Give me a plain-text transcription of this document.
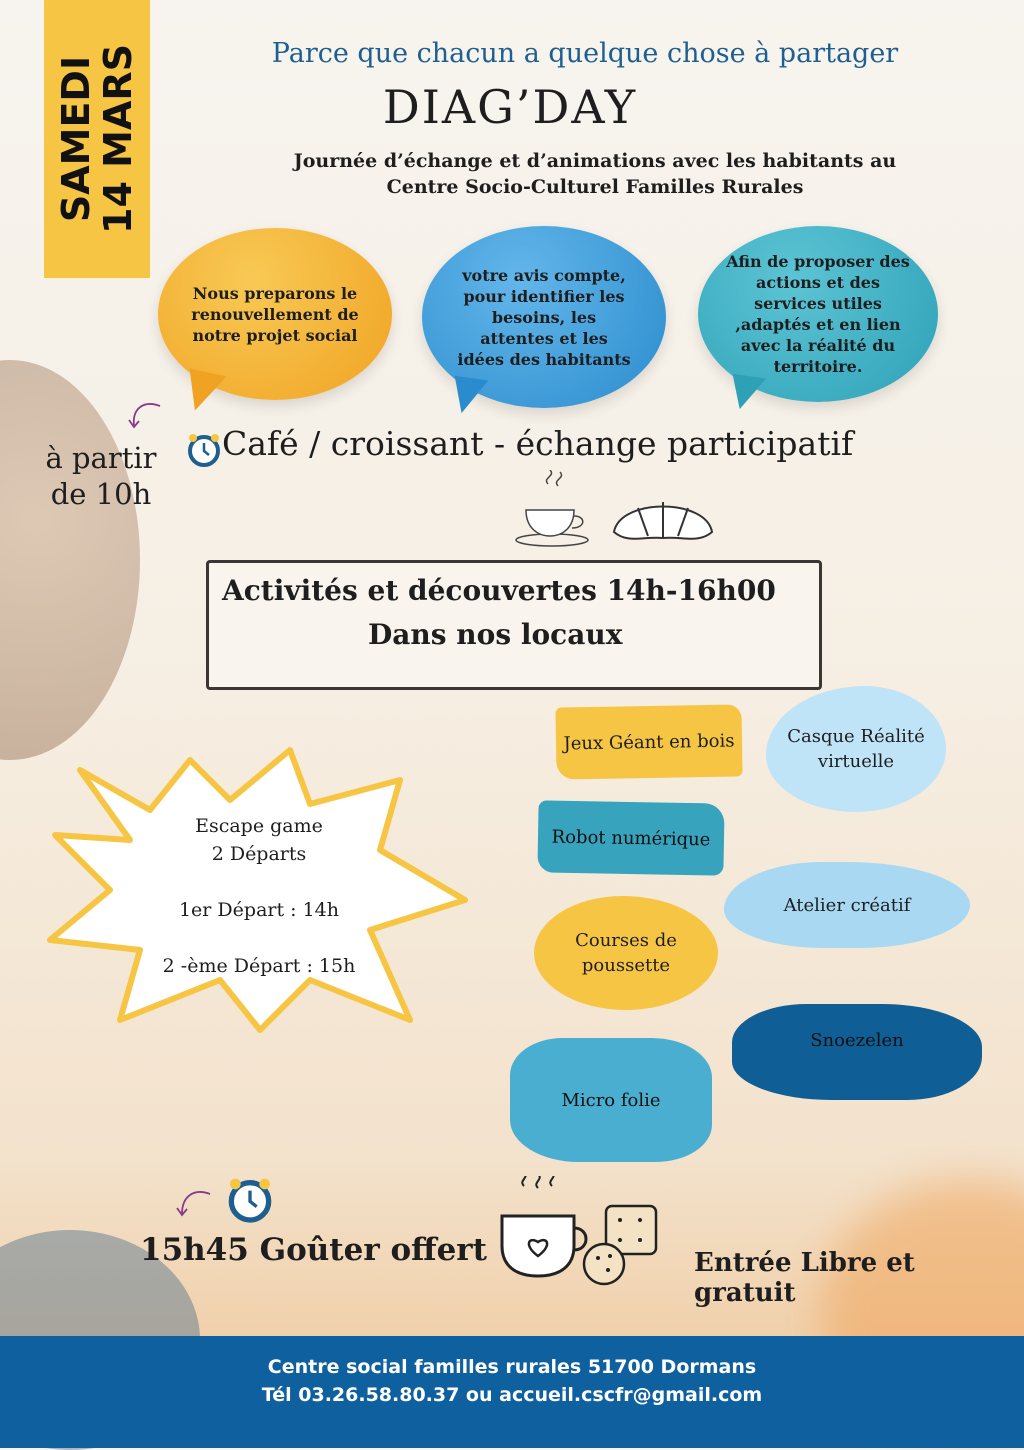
SAMEDI
14 MARS	Parce que chacun a quelque chose à partager
DIAG’DAY
Journée d’échange et d’animations avec les habitants au
Centre Socio-Culturel Familles Rurales
Nous preparons le renouvellement de notre projet social
votre avis compte, pour identifier les besoins, les attentes et les idées des habitants
Afin de proposer des actions et des services utiles ,adaptés et en lien avec la réalité du territoire.
à partir
de 10h
Café / croissant - échange participatif
Activités et découvertes 14h-16h00
Dans nos locaux
Escape game
2 Départs
1er Départ : 14h
2 -ème Départ : 15h
Jeux Géant en bois	Casque Réalité virtuelle
Robot numérique
Atelier créatif
Courses de poussette
Snoezelen
Micro folie
15h45 Goûter offert	Entrée Libre et gratuit
Centre social familles rurales 51700 Dormans
Tél 03.26.58.80.37 ou accueil.cscfr@gmail.com
